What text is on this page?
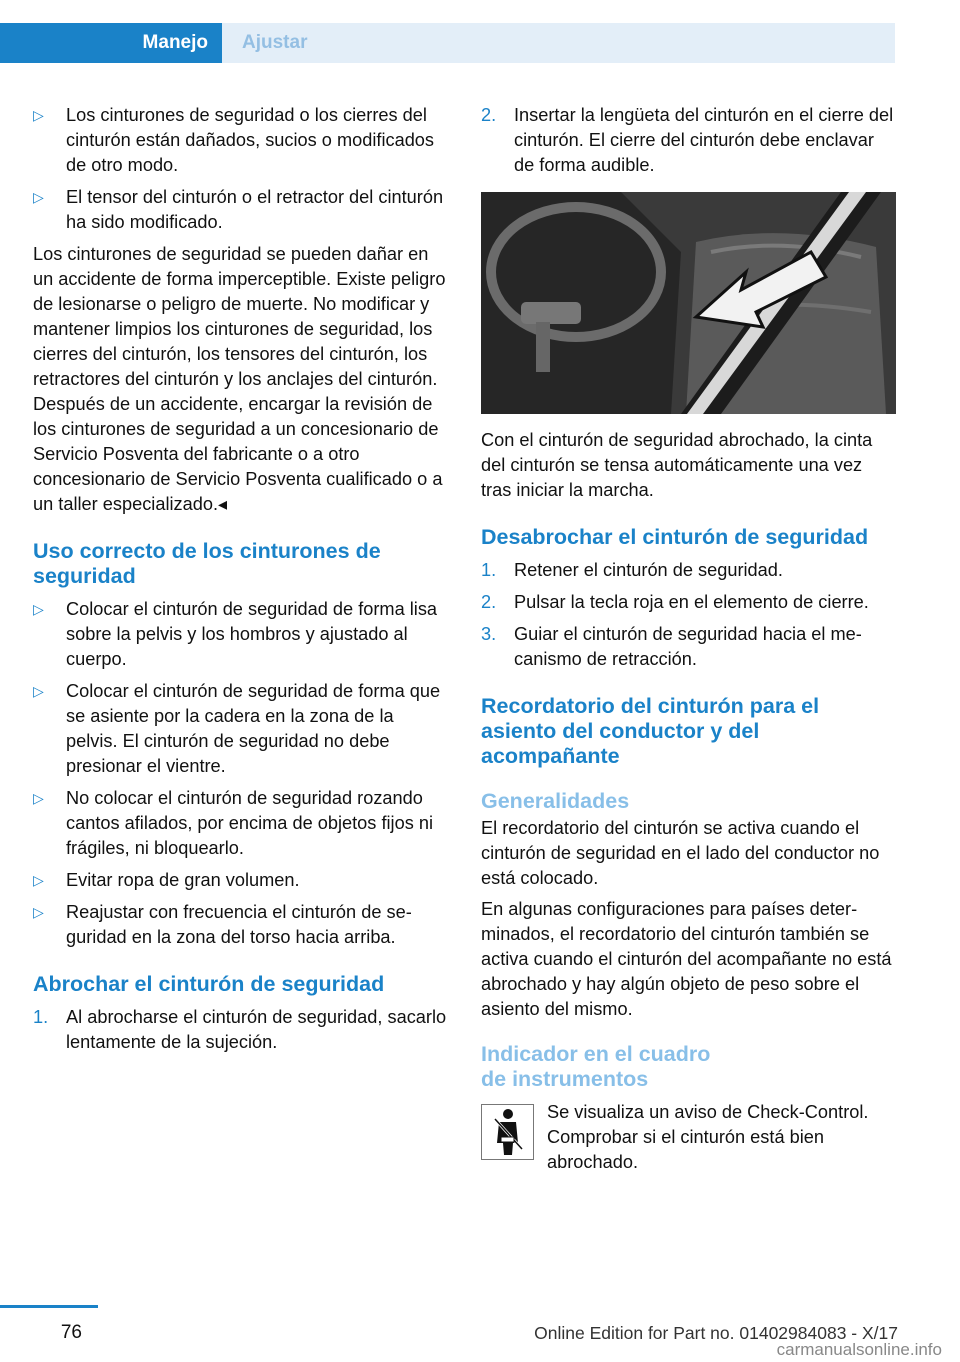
Manejo	Ajustar
▷ Los cinturones de seguridad o los cierres del cinturón están dañados, sucios o modificados de otro modo.
▷ El tensor del cinturón o el retractor del cinturón ha sido modificado.

Los cinturones de seguridad se pueden dañar en un accidente de forma imperceptible. Existe peligro de lesionarse o peligro de muerte. No modificar y mantener limpios los cinturones de seguridad, los cierres del cinturón, los tensores del cinturón, los retractores del cinturón y los anclajes del cinturón. Después de un accidente, encargar la revisión de los cinturones de seguridad a un concesionario de Servicio Posventa del fabricante o a otro concesionario de Servicio Posventa cualificado o a un taller especializado.◂

Uso correcto de los cinturones de seguridad
▷ Colocar el cinturón de seguridad de forma lisa sobre la pelvis y los hombros y ajustado al cuerpo.
▷ Colocar el cinturón de seguridad de forma que se asiente por la cadera en la zona de la pelvis. El cinturón de seguridad no debe presionar el vientre.
▷ No colocar el cinturón de seguridad rozando cantos afilados, por encima de objetos fijos ni frágiles, ni bloquearlo.
▷ Evitar ropa de gran volumen.
▷ Reajustar con frecuencia el cinturón de seguridad en la zona del torso hacia arriba.
Abrochar el cinturón de seguridad
1. Al abrocharse el cinturón de seguridad, sacarlo lentamente de la sujeción.
2. Insertar la lengüeta del cinturón en el cierre del cinturón. El cierre del cinturón debe enclavar de forma audible.

Con el cinturón de seguridad abrochado, la cinta del cinturón se tensa automáticamente una vez tras iniciar la marcha.

Desabrochar el cinturón de seguridad
1. Retener el cinturón de seguridad.
2. Pulsar la tecla roja en el elemento de cierre.
3. Guiar el cinturón de seguridad hacia el mecanismo de retracción.
Recordatorio del cinturón para el asiento del conductor y del acompañante
Generalidades

El recordatorio del cinturón se activa cuando el cinturón de seguridad en el lado del conductor no está colocado.

En algunas configuraciones para países determinados, el recordatorio del cinturón también se activa cuando el cinturón del acompañante no está abrochado y hay algún objeto de peso sobre el asiento del mismo.

Indicador en el cuadro de instrumentos
Se visualiza un aviso de Check-Control. Comprobar si el cinturón está bien abrochado.
76	Online Edition for Part no. 01402984083 - X/17
carmanualsonline.info
